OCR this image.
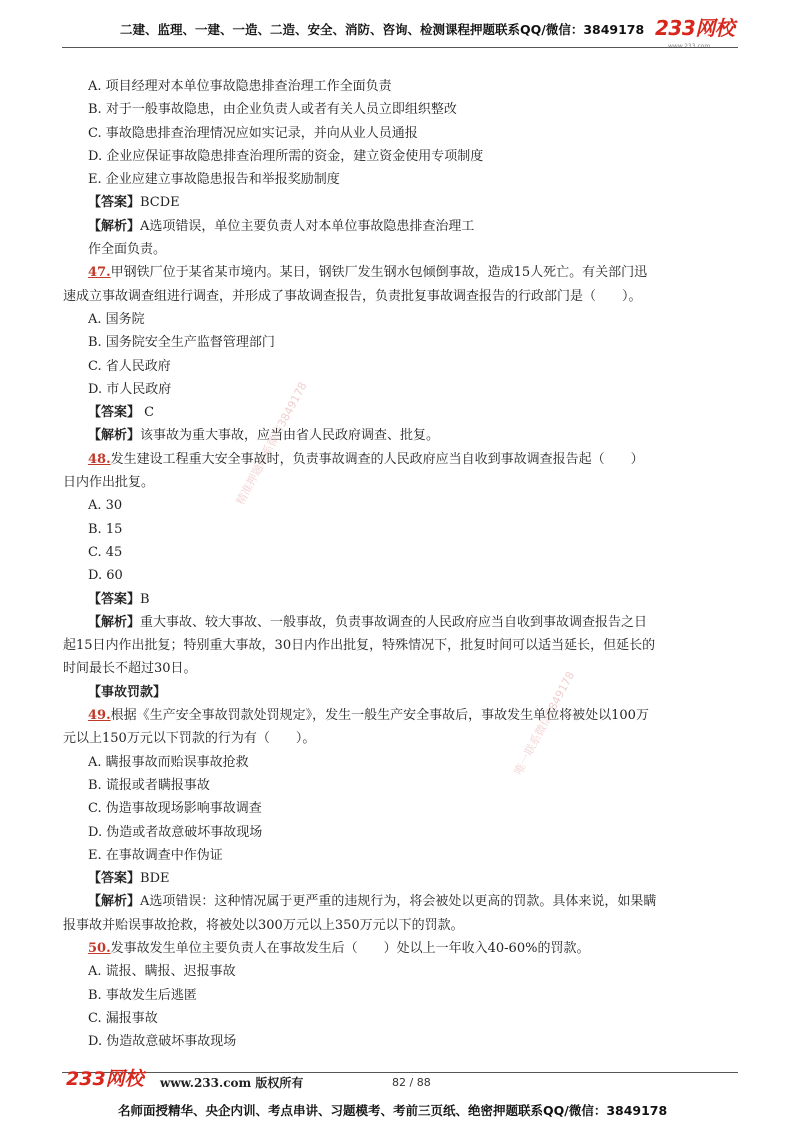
二建、监理、一建、一造、二造、安全、消防、咨询、检测课程押题联系QQ/微信：3849178 233网校
www.233.com
精准押题联系微信3849178
唯一联系微信3849178
A. 项目经理对本单位事故隐患排查治理工作全面负责
B. 对于一般事故隐患，由企业负责人或者有关人员立即组织整改
C. 事故隐患排查治理情况应如实记录，并向从业人员通报
D. 企业应保证事故隐患排查治理所需的资金，建立资金使用专项制度
E. 企业应建立事故隐患报告和举报奖励制度
【答案】BCDE
【解析】A选项错误，单位主要负责人对本单位事故隐患排查治理工
作全面负责。
47.甲钢铁厂位于某省某市境内。某日，钢铁厂发生钢水包倾倒事故，造成15人死亡。有关部门迅
速成立事故调查组进行调查，并形成了事故调查报告，负责批复事故调查报告的行政部门是（　　）。
A. 国务院
B. 国务院安全生产监督管理部门
C. 省人民政府
D. 市人民政府
【答案】 C
【解析】该事故为重大事故，应当由省人民政府调查、批复。
48.发生建设工程重大安全事故时，负责事故调查的人民政府应当自收到事故调查报告起（　　）
日内作出批复。
A. 30
B. 15
C. 45
D. 60
【答案】B
【解析】重大事故、较大事故、一般事故，负责事故调查的人民政府应当自收到事故调查报告之日
起15日内作出批复；特别重大事故，30日内作出批复，特殊情况下，批复时间可以适当延长，但延长的
时间最长不超过30日。
【事故罚款】
49.根据《生产安全事故罚款处罚规定》，发生一般生产安全事故后，事故发生单位将被处以100万
元以上150万元以下罚款的行为有（　　）。
A. 瞒报事故而贻误事故抢救
B. 谎报或者瞒报事故
C. 伪造事故现场影响事故调查
D. 伪造或者故意破坏事故现场
E. 在事故调查中作伪证
【答案】BDE
【解析】A选项错误：这种情况属于更严重的违规行为，将会被处以更高的罚款。具体来说，如果瞒
报事故并贻误事故抢救，将被处以300万元以上350万元以下的罚款。
50.发事故发生单位主要负责人在事故发生后（　　）处以上一年收入40-60%的罚款。
A. 谎报、瞒报、迟报事故
B. 事故发生后逃匿
C. 漏报事故
D. 伪造故意破坏事故现场
233网校 www.233.com 版权所有	82 / 88
名师面授精华、央企内训、考点串讲、习题模考、考前三页纸、绝密押题联系QQ/微信：3849178
